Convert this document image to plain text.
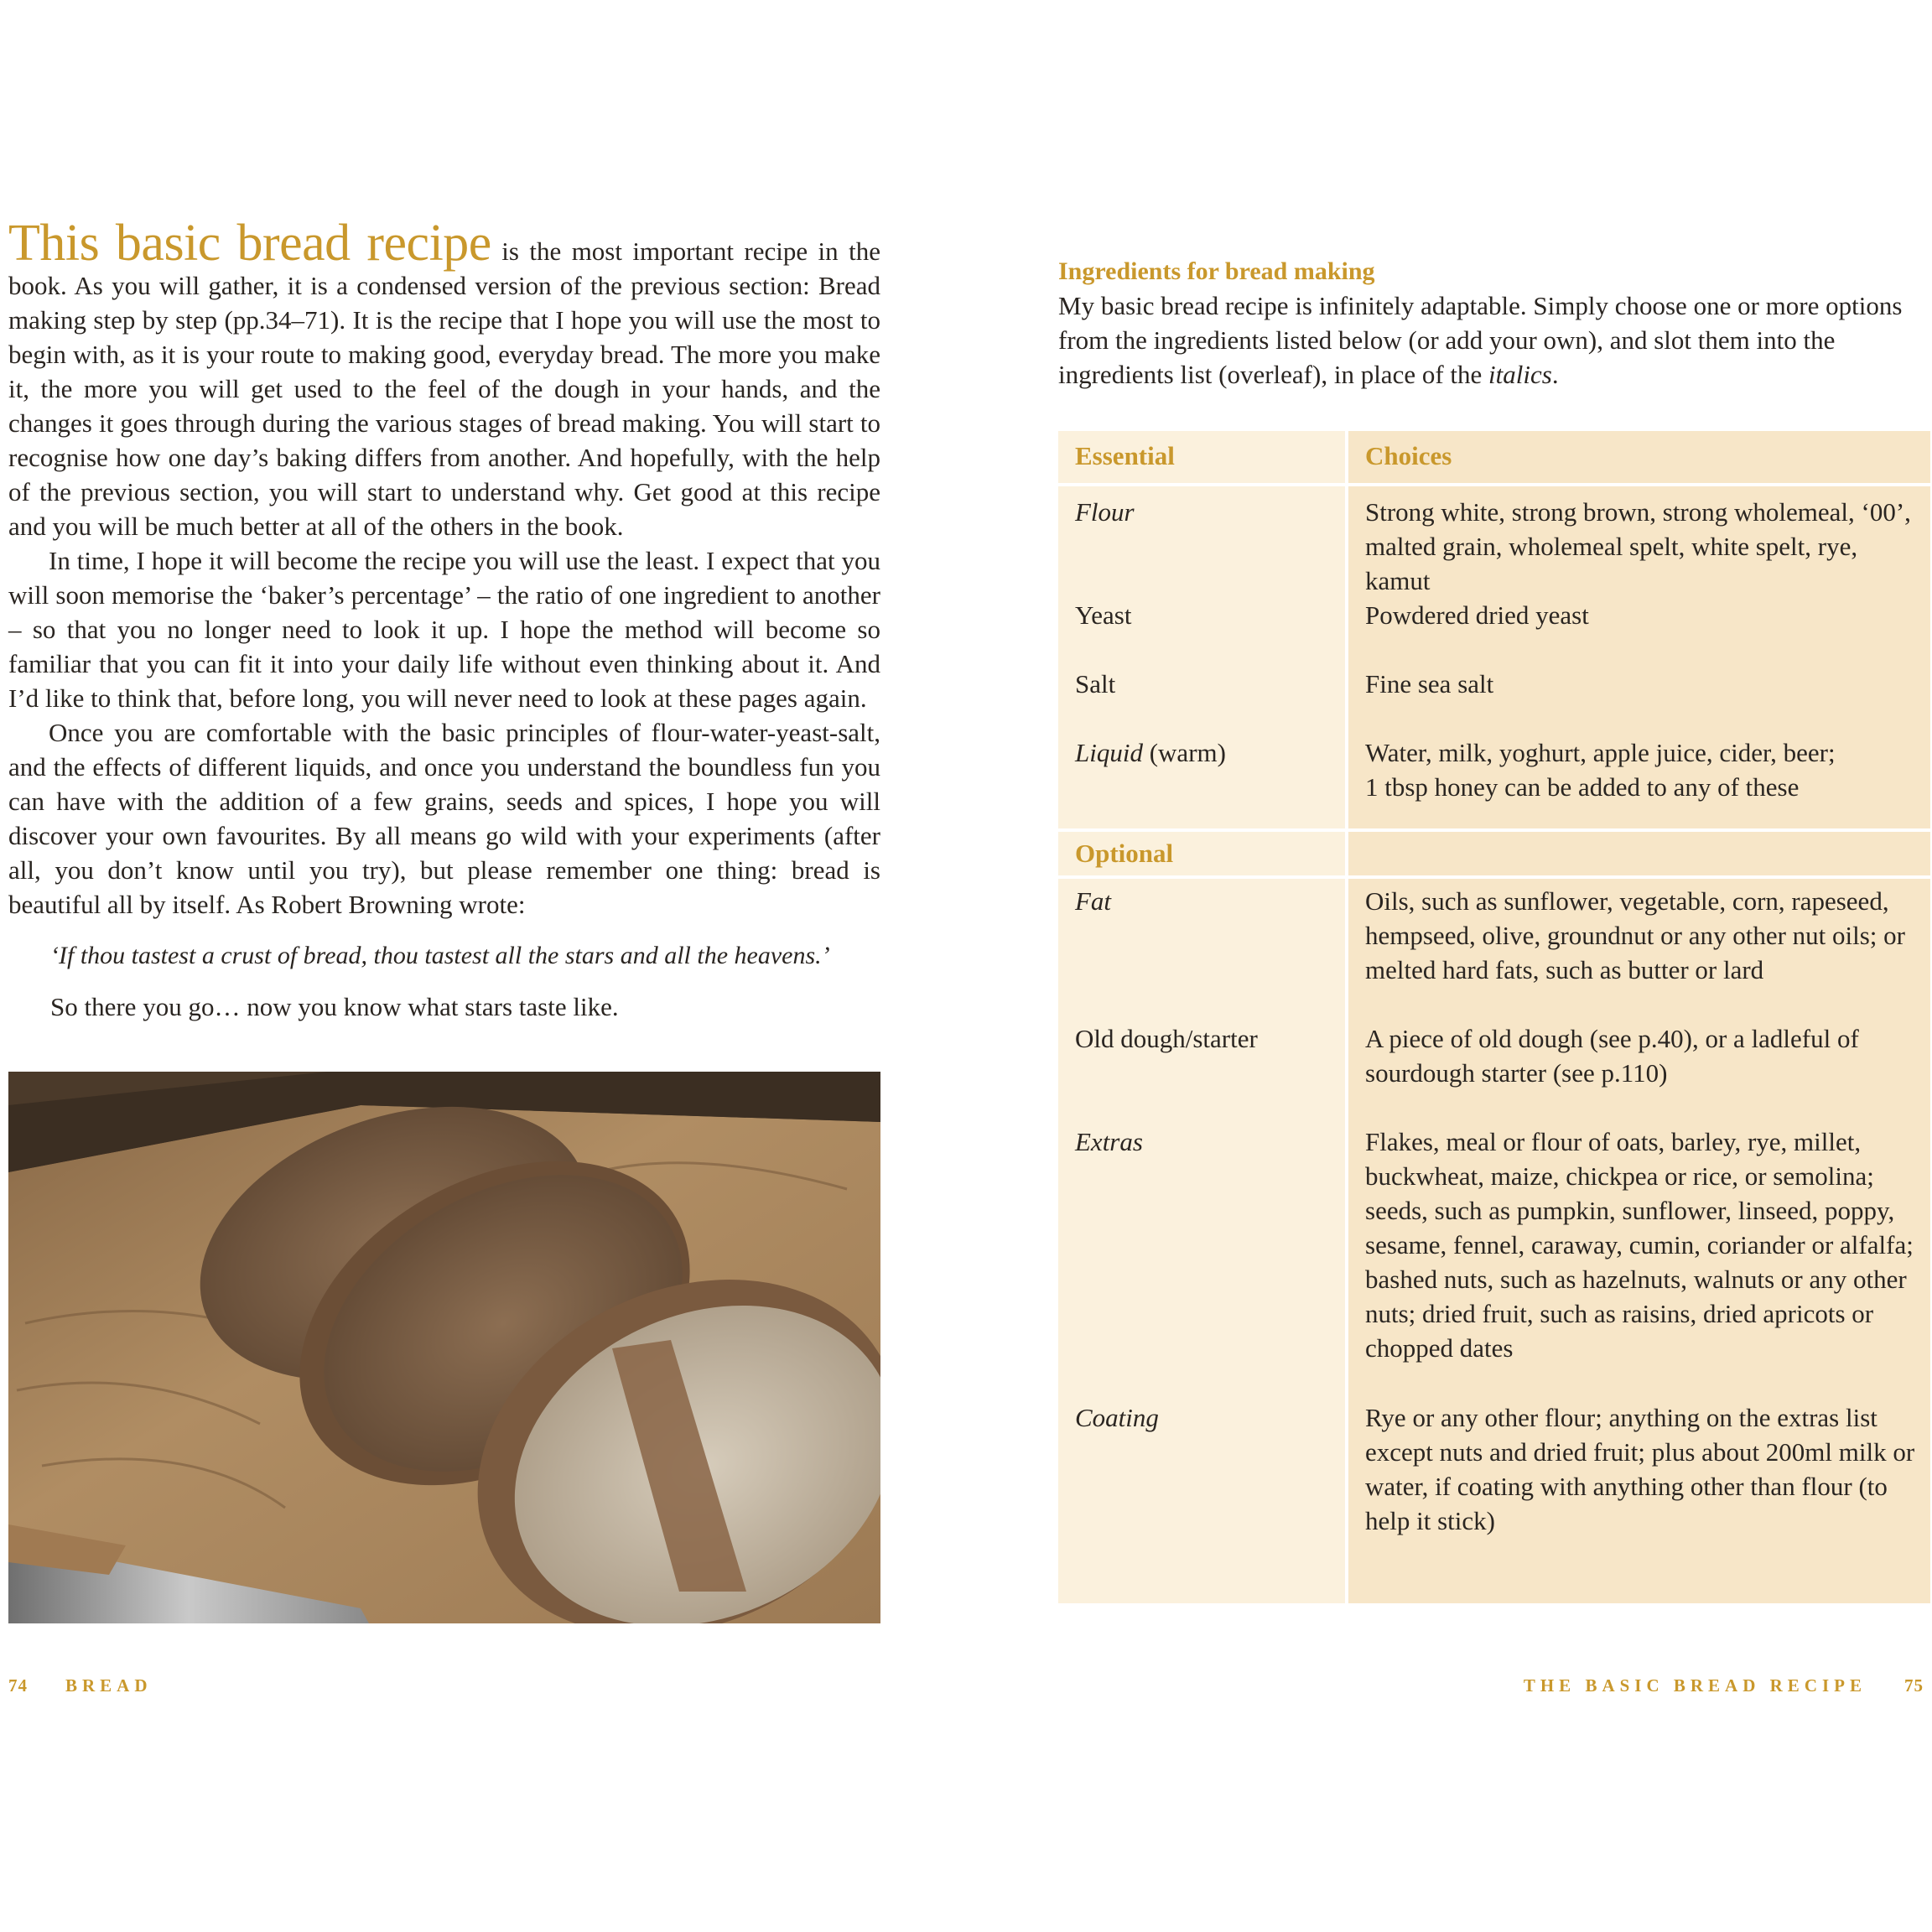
This basic bread recipe is the most important recipe in the book. As you will gather, it is a condensed version of the previous section: Bread making step by step (pp.34–71). It is the recipe that I hope you will use the most to begin with, as it is your route to making good, everyday bread. The more you make it, the more you will get used to the feel of the dough in your hands, and the changes it goes through during the various stages of bread making. You will start to recognise how one day’s baking differs from another. And hopefully, with the help of the previous section, you will start to understand why. Get good at this recipe and you will be much better at all of the others in the book.

In time, I hope it will become the recipe you will use the least. I expect that you will soon memorise the ‘baker’s percentage’ – the ratio of one ingredient to another – so that you no longer need to look it up. I hope the method will become so familiar that you can fit it into your daily life without even thinking about it. And I’d like to think that, before long, you will never need to look at these pages again.

Once you are comfortable with the basic principles of flour-water-yeast-salt, and the effects of different liquids, and once you understand the boundless fun you can have with the addition of a few grains, seeds and spices, I hope you will discover your own favourites. By all means go wild with your experiments (after all, you don’t know until you try), but please remember one thing: bread is beautiful all by itself. As Robert Browning wrote:

‘If thou tastest a crust of bread, thou tastest all the stars and all the heavens.’

So there you go… now you know what stars taste like.

74 BREAD

Ingredients for bread making

My basic bread recipe is infinitely adaptable. Simply choose one or more options from the ingredients listed below (or add your own), and slot them into the ingredients list (overleaf), in place of the italics.

Essential	Choices
Flour	Strong white, strong brown, strong wholemeal, ‘00’, malted grain, wholemeal spelt, white spelt, rye, kamut
Yeast	Powdered dried yeast
Salt	Fine sea salt
Liquid (warm)	Water, milk, yoghurt, apple juice, cider, beer;
1 tbsp honey can be added to any of these
Optional
Fat	Oils, such as sunflower, vegetable, corn, rapeseed, hempseed, olive, groundnut or any other nut oils; or melted hard fats, such as butter or lard
Old dough/starter	A piece of old dough (see p.40), or a ladleful of sourdough starter (see p.110)
Extras	Flakes, meal or flour of oats, barley, rye, millet, buckwheat, maize, chickpea or rice, or semolina; seeds, such as pumpkin, sunflower, linseed, poppy, sesame, fennel, caraway, cumin, coriander or alfalfa; bashed nuts, such as hazelnuts, walnuts or any other nuts; dried fruit, such as raisins, dried apricots or chopped dates
Coating	Rye or any other flour; anything on the extras list except nuts and dried fruit; plus about 200ml milk or water, if coating with anything other than flour (to help it stick)
THE BASIC BREAD RECIPE 75
